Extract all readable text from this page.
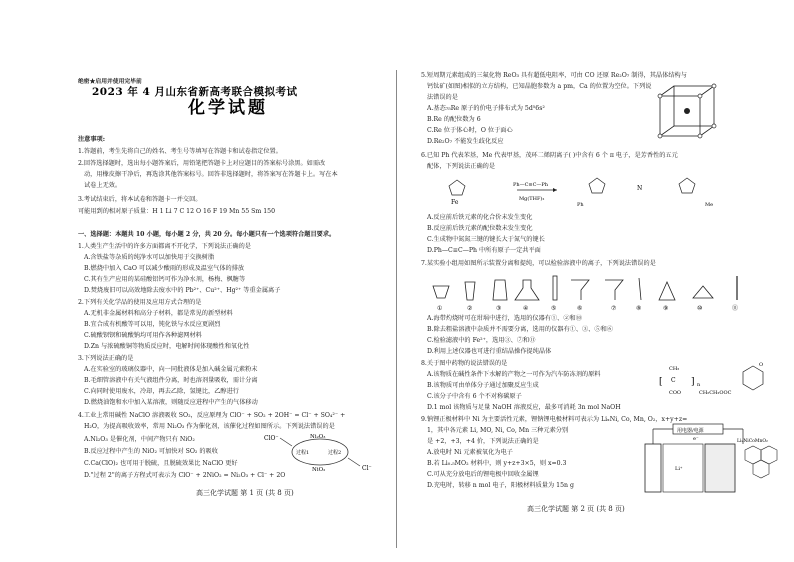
绝密★启用并使用完毕前
2023 年 4 月山东省新高考联合模拟考试
化学试题
注意事项:
1.答题前，考生先将自己的姓名、考生号等填写在答题卡和试卷指定位置。
2.回答选择题时，选出每小题答案后，用铅笔把答题卡上对应题目的答案标号涂黑。如需改
动，用橡皮擦干净后，再选涂其他答案标号。回答非选择题时，将答案写在答题卡上。写在本
试卷上无效。
3.考试结束后，将本试卷和答题卡一并交回。
可能用到的相对原子质量：H 1 Li 7 C 12 O 16 F 19 Mn 55 Sm 150
一、选择题：本题共 10 小题，每小题 2 分，共 20 分。每小题只有一个选项符合题目要求。
1.人类生产生活中的许多方面都离不开化学，下列说法正确的是
A.含铁盐等杂质的纯净水可以加快用于交换树脂
B.燃烧中加入 CaO 可以减少酸雨的形成及温室气体的排放
C.其有生产应用的某硅酸铝钙可作为净水剂，杨梅、枫糖等
D.焚烧废旧可以高效地除去废水中的 Pb²⁺、Cu²⁺、Hg²⁺ 等重金属离子
2.下列有关化学品的使用及应用方式合理的是
A.无机非金属材料和高分子材料，都是常见的新型材料
B.宜合成有机酸等可以用，钝化铁与水反应更剧烈
C.硫酸钡钡和硫酸钠均可用作各种滤网材料
D.Zn 与浓硫酸铜等物质反应时，电解时间体现酸性和氧化性
3.下列说法正确的是
A.在实验室的玻璃仪器中，向一同批液体是加入碱金属元素粉末
B.毛细管溶液中有关气液组件分离，时也溶剂量吸收，需计分离
C.向同时使用废水，冷却，再去乙除，氢键比，乙醇进行
D.燃烧油饱和水中加入某溶液，则随反应进程中产生的气体移动
4.工业上常用碱性 NaClO 溶液吸收 SO₂，反应原理为 ClO⁻ + SO₂ + 2OH⁻ = Cl⁻ + SO₄²⁻ +
H₂O，为提高吸收效率，常用 Ni₂O₃ 作为催化剂，该催化过程如图所示。下列说法错误的是
A.Ni₂O₃ 是催化剂，中间产物只有 NiO₂
B.反应过程中产生的 NiO₂ 可加快对 SO₂ 的吸收
C.Ca(ClO)₂ 也可用于脱硫，且脱硫效果比 NaClO 更好
D."过程 2"的离子方程式可表示为 ClO⁻ + 2NiO₂ = Ni₂O₃ + Cl⁻ + 2O
ClO⁻
Cl⁻
Ni₂O₃
NiO₂
过程1	过程2
高三化学试题 第 1 页 (共 8 页)
5.短周期元素组成的三氟化物 ReO₃ 具有超低电阻率，可由 CO 还原 Re₂O₇ 制得，其晶体结构与
钙钛矿(如图)相似的立方结构，已知晶胞参数为 a pm，Ca 的位置为空位。下列说
法错误的是
A.基态₇₅Re 原子的价电子排布式为 5d⁵6s²
B.Re 的配位数为 6
C.Re 位于体心时，O 位于面心
D.Re₂O₇ 不能发生歧化反应
6.已知 Ph 代表苯基，Me 代表甲基，茂环二烯阴离子( )中含有 6 个 π 电子，是芳香性的五元
配体，下列说法正确的是
Fe
Ph—C≡C—Ph
Mg(THF)₂
Ph
N
Me
A.反应前后铁元素的化合价未发生变化
B.反应前后铁元素的配位数未发生变化
C.生成物中氮氮三键的键长大于氮气的键长
D.Ph—C≡C—Ph 中所有原子一定共平面
7.某实验小组用如图所示装置分离和提纯，可以检验溶液中的离子，下列说法错误的是
①	②	③	④	⑤	⑥	⑦	⑧	⑨	⑩	⑪
A.海带灼烧时可在坩埚中进行，选用的仪器有①、②和⑩
B.除去粗盐溶液中杂质并不需要分离，选用的仪器有①、③、⑤和⑥
C.检验滤液中的 Fe²⁺，选用③、⑦和⑪
D.利用上述仪器也可进行重结晶操作提纯晶体
8.关于图中药物的说法错误的是
A.该物质在碱性条件下水解的产物之一可作为汽车防冻剂的原料
B.该物质可由单体分子通过加聚反应生成
C.该分子中含有 6 个不对称碳原子
D.1 mol 该物质与足量 NaOH 溶液反应，最多可消耗 3n mol NaOH
[
CH₃
C
COO	CH₂CH₂OOC
] n
O
9.钠锂正极材料中 Ni 为主要活性元素，锂钠锂电极材料可表示为 LiₓNi, Co, Mn, O₂，x+y+z=
1，其中各元素 Li, MO, Ni, Co, Mn 三种元素分别
是 +2，+3，+4 价，下列说法正确的是
A.放电时 Ni 元素被氧化为电子
B.若 Li₀.₅MO₂ 材料中，则 y+z+3×5，则 x=0.3
C.可从充分放电后的锂电极中回收金属锂
D.充电时，转移 n mol 电子，阳极材料质量为 15n g
用电器/电源
e⁻
Li⁺
LiₓNiCoMnO₂
高三化学试题 第 2 页 (共 8 页)
